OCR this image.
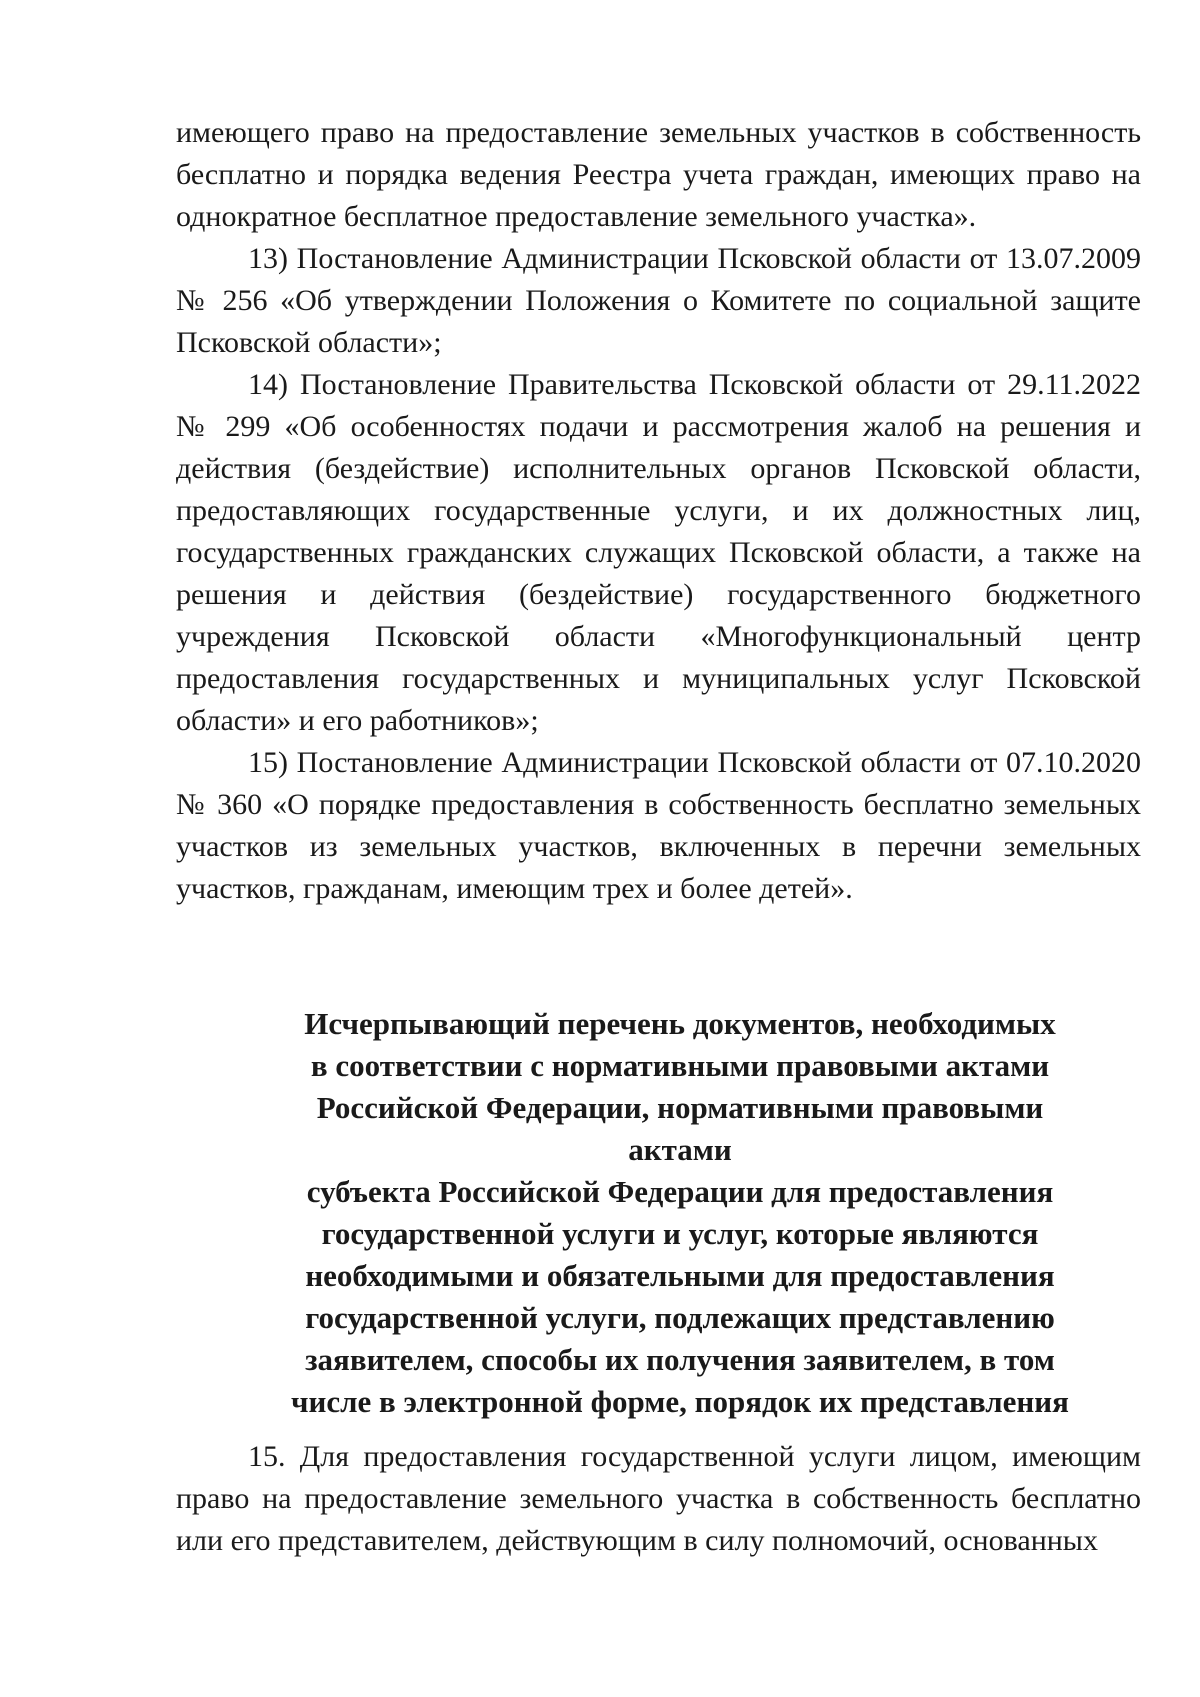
имеющего право на предоставление земельных участков в собственность бесплатно и порядка ведения Реестра учета граждан, имеющих право на однократное бесплатное предоставление земельного участка».

13) Постановление Администрации Псковской области от 13.07.2009 № 256 «Об утверждении Положения о Комитете по социальной защите Псковской области»;

14) Постановление Правительства Псковской области от 29.11.2022 № 299 «Об особенностях подачи и рассмотрения жалоб на решения и действия (бездействие) исполнительных органов Псковской области, предоставляющих государственные услуги, и их должностных лиц, государственных гражданских служащих Псковской области, а также на решения и действия (бездействие) государственного бюджетного учреждения Псковской области «Многофункциональный центр предоставления государственных и муниципальных услуг Псковской области» и его работников»;

15) Постановление Администрации Псковской области от 07.10.2020 № 360 «О порядке предоставления в собственность бесплатно земельных участков из земельных участков, включенных в перечни земельных участков, гражданам, имеющим трех и более детей».

Исчерпывающий перечень документов, необходимых
в соответствии с нормативными правовыми актами
Российской Федерации, нормативными правовыми актами
субъекта Российской Федерации для предоставления
государственной услуги и услуг, которые являются
необходимыми и обязательными для предоставления
государственной услуги, подлежащих представлению
заявителем, способы их получения заявителем, в том
числе в электронной форме, порядок их представления

15. Для предоставления государственной услуги лицом, имеющим право на предоставление земельного участка в собственность бесплатно или его представителем, действующим в силу полномочий, основанных
